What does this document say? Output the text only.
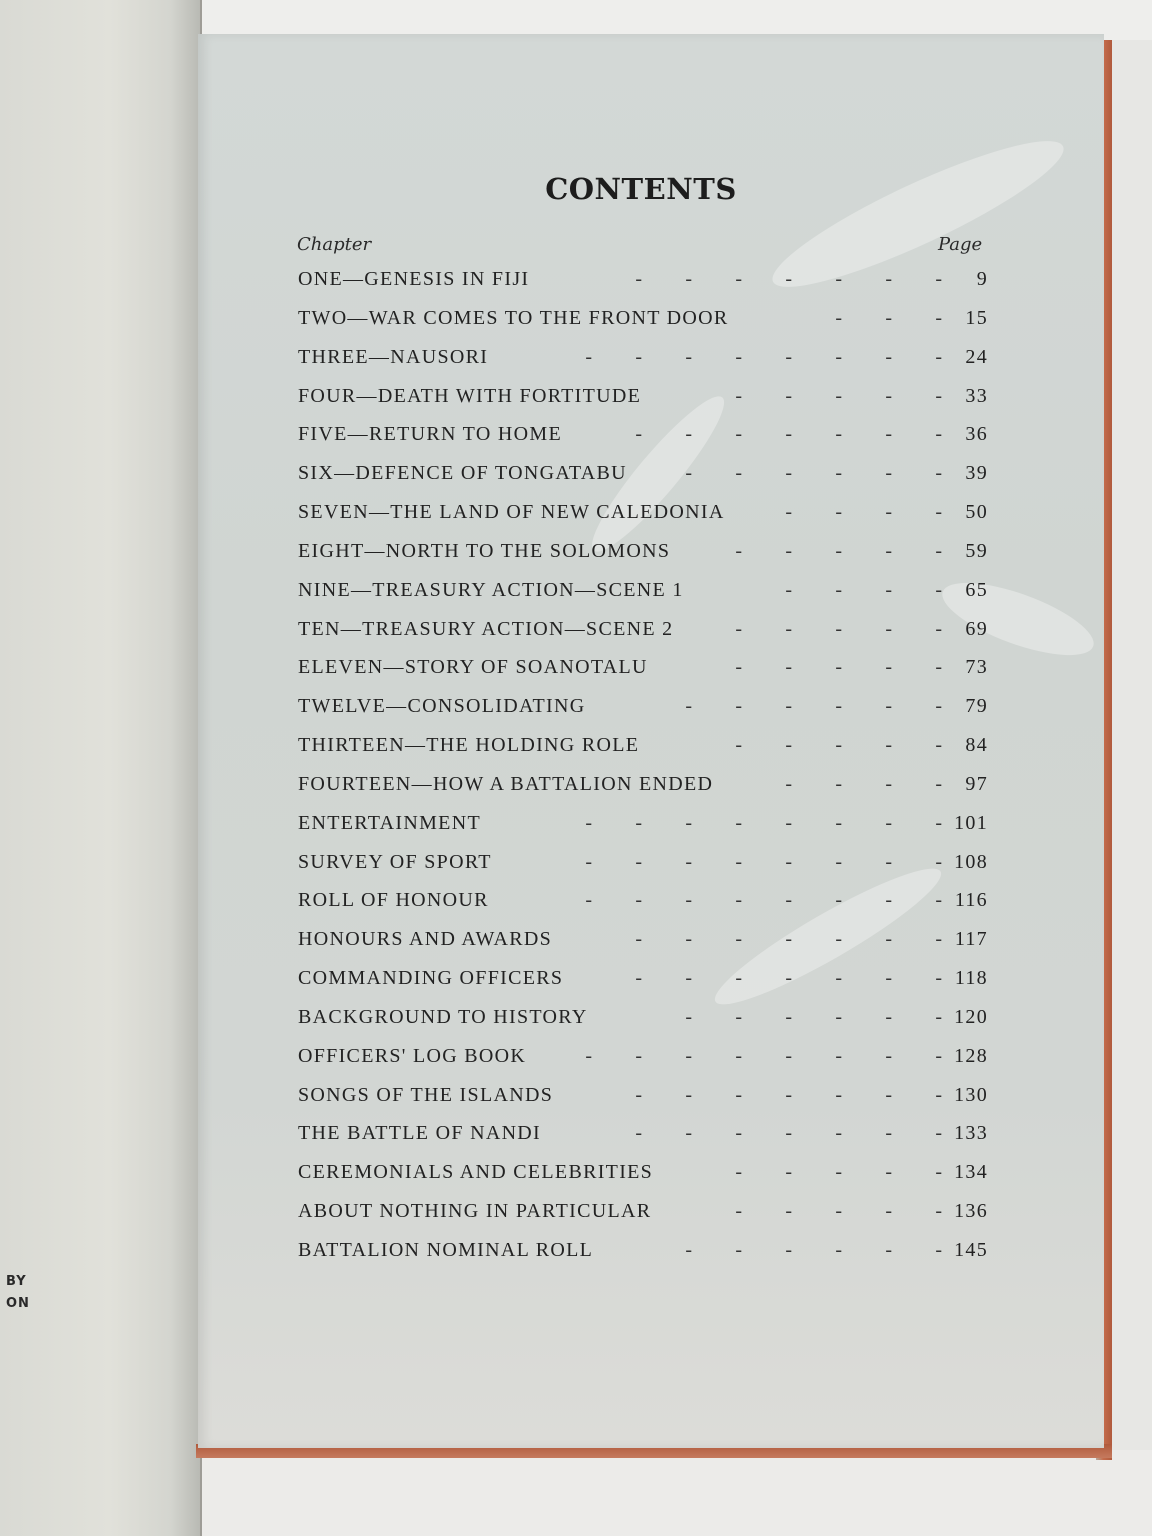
BY
ON
CONTENTS
Chapter	Page
ONE—GENESIS IN FIJI	- - - - - - -	9
TWO—WAR COMES TO THE FRONT DOOR	- - -	15
THREE—NAUSORI	- - - - - - - -	24
FOUR—DEATH WITH FORTITUDE	- - - - -	33
FIVE—RETURN TO HOME	- - - - - - -	36
SIX—DEFENCE OF TONGATABU	- - - - - -	39
SEVEN—THE LAND OF NEW CALEDONIA	- - - -	50
EIGHT—NORTH TO THE SOLOMONS	- - - - -	59
NINE—TREASURY ACTION—SCENE 1	- - - -	65
TEN—TREASURY ACTION—SCENE 2	- - - - -	69
ELEVEN—STORY OF SOANOTALU	- - - - -	73
TWELVE—CONSOLIDATING	- - - - - -	79
THIRTEEN—THE HOLDING ROLE	- - - - -	84
FOURTEEN—HOW A BATTALION ENDED	- - - -	97
ENTERTAINMENT	- - - - - - - - 101
SURVEY OF SPORT	- - - - - - - - 108
ROLL OF HONOUR	- - - - - - - - 116
HONOURS AND AWARDS	- - - - - - - 117
COMMANDING OFFICERS	- - - - - - - 118
BACKGROUND TO HISTORY	- - - - - - 120
OFFICERS' LOG BOOK	- - - - - - - - 128
SONGS OF THE ISLANDS	- - - - - - - 130
THE BATTLE OF NANDI	- - - - - - - 133
CEREMONIALS AND CELEBRITIES	- - - - - 134
ABOUT NOTHING IN PARTICULAR	- - - - - 136
BATTALION NOMINAL ROLL	- - - - - - 145
